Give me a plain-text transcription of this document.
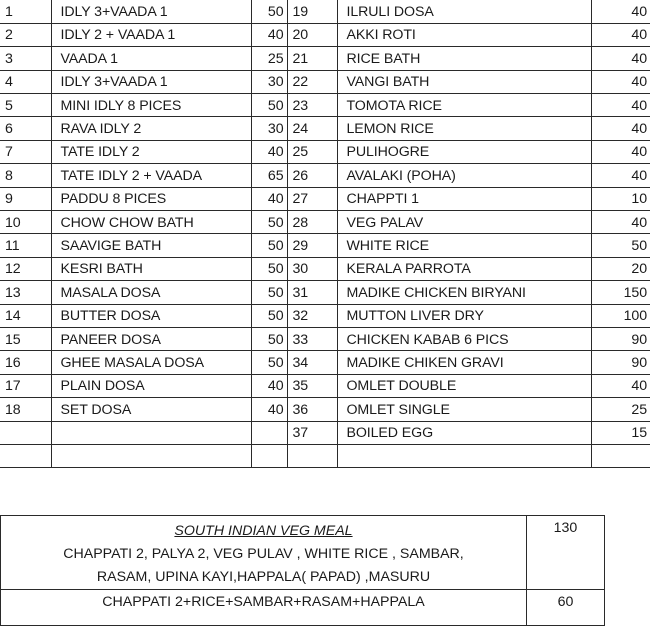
1	IDLY 3+VAADA 1	50	19	ILRULI DOSA	40
2	IDLY 2 + VAADA 1	40	20	AKKI ROTI	40
3	VAADA 1	25	21	RICE BATH	40
4	IDLY 3+VAADA 1	30	22	VANGI BATH	40
5	MINI IDLY 8 PICES	50	23	TOMOTA RICE	40
6	RAVA IDLY 2	30	24	LEMON RICE	40
7	TATE IDLY 2	40	25	PULIHOGRE	40
8	TATE IDLY 2 + VAADA	65	26	AVALAKI (POHA)	40
9	PADDU 8 PICES	40	27	CHAPPTI 1	10
10	CHOW CHOW BATH	50	28	VEG PALAV	40
11	SAAVIGE BATH	50	29	WHITE RICE	50
12	KESRI BATH	50	30	KERALA PARROTA	20
13	MASALA DOSA	50	31	MADIKE CHICKEN BIRYANI	150
14	BUTTER DOSA	50	32	MUTTON LIVER DRY	100
15	PANEER DOSA	50	33	CHICKEN KABAB 6 PICS	90
16	GHEE MASALA DOSA	50	34	MADIKE CHIKEN GRAVI	90
17	PLAIN DOSA	40	35	OMLET DOUBLE	40
18	SET DOSA	40	36	OMLET SINGLE	25
			37	BOILED EGG	15

SOUTH INDIAN VEG MEAL
CHAPPATI 2, PALYA 2, VEG PULAV , WHITE RICE , SAMBAR,
RASAM, UPINA KAYI,HAPPALA( PAPAD) ,MASURU	130
CHAPPATI 2+RICE+SAMBAR+RASAM+HAPPALA	60
